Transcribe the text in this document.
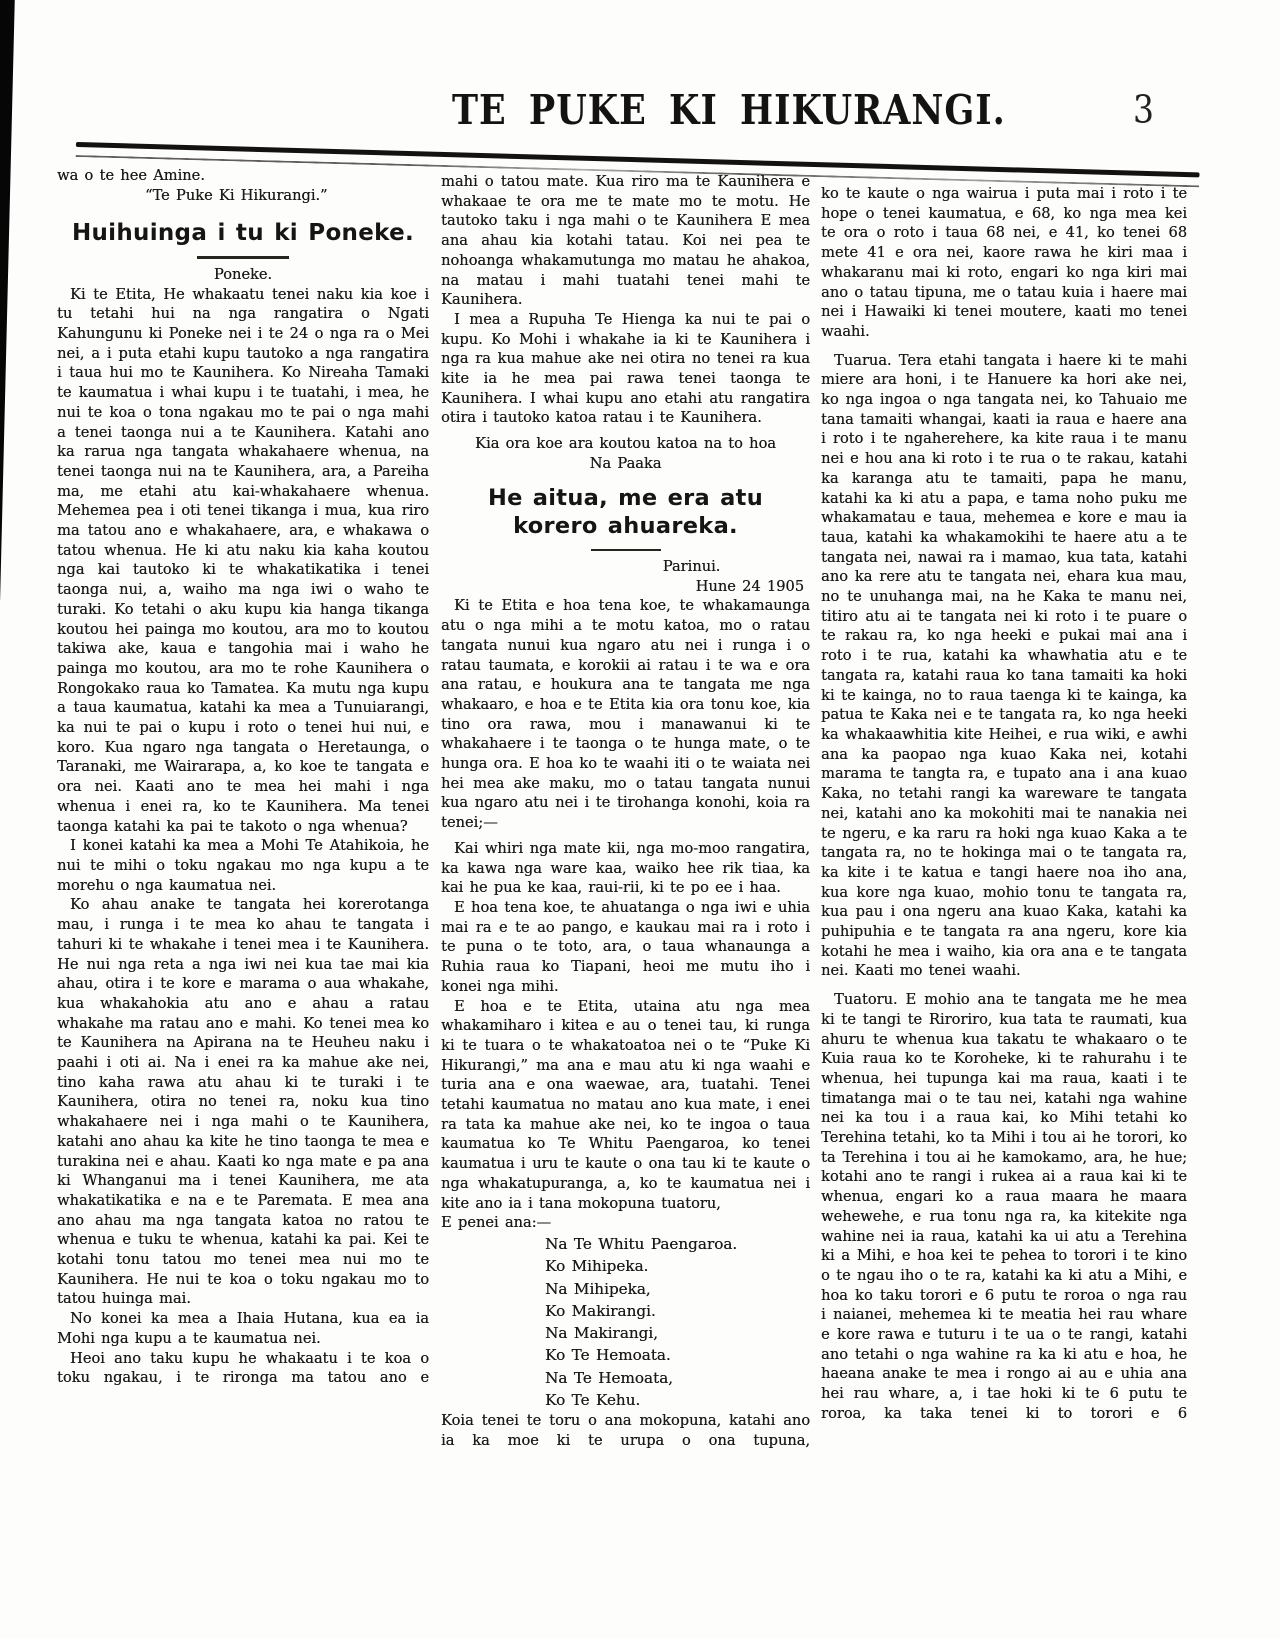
TE PUKE KI HIKURANGI.	3

wa o te hee Amine.

“Te Puke Ki Hikurangi.”

Huihuinga i tu ki Poneke.

Poneke.

Ki te Etita, He whakaatu tenei naku kia koe i tu tetahi hui na nga rangatira o Ngati Kahungunu ki Poneke nei i te 24 o nga ra o Mei nei, a i puta etahi kupu tautoko a nga rangatira i taua hui mo te Kaunihera. Ko Nireaha Tamaki te kaumatua i whai kupu i te tuatahi, i mea, he nui te koa o tona ngakau mo te pai o nga mahi a tenei taonga nui a te Kaunihera. Katahi ano ka rarua nga tangata whakahaere whenua, na tenei taonga nui na te Kaunihera, ara, a Pareiha ma, me etahi atu kai-whakahaere whenua. Mehemea pea i oti tenei tikanga i mua, kua riro ma tatou ano e whakahaere, ara, e whakawa o tatou whenua. He ki atu naku kia kaha koutou nga kai tautoko ki te whakatikatika i tenei taonga nui, a, waiho ma nga iwi o waho te turaki. Ko tetahi o aku kupu kia hanga tikanga koutou hei painga mo koutou, ara mo to koutou takiwa ake, kaua e tangohia mai i waho he painga mo koutou, ara mo te rohe Kaunihera o Rongokako raua ko Tamatea. Ka mutu nga kupu a taua kaumatua, katahi ka mea a Tunuiarangi, ka nui te pai o kupu i roto o tenei hui nui, e koro. Kua ngaro nga tangata o Heretaunga, o Taranaki, me Wairarapa, a, ko koe te tangata e ora nei. Kaati ano te mea hei mahi i nga whenua i enei ra, ko te Kaunihera. Ma tenei taonga katahi ka pai te takoto o nga whenua?

I konei katahi ka mea a Mohi Te Atahikoia, he nui te mihi o toku ngakau mo nga kupu a te morehu o nga kaumatua nei.

Ko ahau anake te tangata hei korerotanga mau, i runga i te mea ko ahau te tangata i tahuri ki te whakahe i tenei mea i te Kaunihera. He nui nga reta a nga iwi nei kua tae mai kia ahau, otira i te kore e marama o aua whakahe, kua whakahokia atu ano e ahau a ratau whakahe ma ratau ano e mahi. Ko tenei mea ko te Kaunihera na Apirana na te Heuheu naku i paahi i oti ai. Na i enei ra ka mahue ake nei, tino kaha rawa atu ahau ki te turaki i te Kaunihera, otira no tenei ra, noku kua tino whakahaere nei i nga mahi o te Kaunihera, katahi ano ahau ka kite he tino taonga te mea e turakina nei e ahau. Kaati ko nga mate e pa ana ki Whanganui ma i tenei Kaunihera, me ata whakatikatika e na e te Paremata. E mea ana ano ahau ma nga tangata katoa no ratou te whenua e tuku te whenua, katahi ka pai. Kei te kotahi tonu tatou mo tenei mea nui mo te Kaunihera. He nui te koa o toku ngakau mo to tatou huinga mai.

No konei ka mea a Ihaia Hutana, kua ea ia Mohi nga kupu a te kaumatua nei.

Heoi ano taku kupu he whakaatu i te koa o toku ngakau, i te rironga ma tatou ano e

mahi o tatou mate. Kua riro ma te Kaunihera e whakaae te ora me te mate mo te motu. He tautoko taku i nga mahi o te Kaunihera E mea ana ahau kia kotahi tatau. Koi nei pea te nohoanga whakamutunga mo matau he ahakoa, na matau i mahi tuatahi tenei mahi te Kaunihera.

I mea a Rupuha Te Hienga ka nui te pai o kupu. Ko Mohi i whakahe ia ki te Kaunihera i nga ra kua mahue ake nei otira no tenei ra kua kite ia he mea pai rawa tenei taonga te Kaunihera. I whai kupu ano etahi atu rangatira otira i tautoko katoa ratau i te Kaunihera.

Kia ora koe ara koutou katoa na to hoa

Na Paaka

He aitua, me era atu korero ahuareka.

Parinui.

Hune 24 1905

Ki te Etita e hoa tena koe, te whakamaunga atu o nga mihi a te motu katoa, mo o ratau tangata nunui kua ngaro atu nei i runga i o ratau taumata, e korokii ai ratau i te wa e ora ana ratau, e houkura ana te tangata me nga whakaaro, e hoa e te Etita kia ora tonu koe, kia tino ora rawa, mou i manawanui ki te whakahaere i te taonga o te hunga mate, o te hunga ora. E hoa ko te waahi iti o te waiata nei hei mea ake maku, mo o tatau tangata nunui kua ngaro atu nei i te tirohanga konohi, koia ra tenei;—

Kai whiri nga mate kii, nga mo-moo rangatira, ka kawa nga ware kaa, waiko hee rik tiaa, ka kai he pua ke kaa, raui-rii, ki te po ee i haa.

E hoa tena koe, te ahuatanga o nga iwi e uhia mai ra e te ao pango, e kaukau mai ra i roto i te puna o te toto, ara, o taua whanaunga a Ruhia raua ko Tiapani, heoi me mutu iho i konei nga mihi.

E hoa e te Etita, utaina atu nga mea whakamiharo i kitea e au o tenei tau, ki runga ki te tuara o te whakatoatoa nei o te “Puke Ki Hikurangi,” ma ana e mau atu ki nga waahi e turia ana e ona waewae, ara, tuatahi. Tenei tetahi kaumatua no matau ano kua mate, i enei ra tata ka mahue ake nei, ko te ingoa o taua kaumatua ko Te Whitu Paengaroa, ko tenei kaumatua i uru te kaute o ona tau ki te kaute o nga whakatupuranga, a, ko te kaumatua nei i kite ano ia i tana mokopuna tuatoru,

E penei ana:—

Na Te Whitu Paengaroa.

Ko Mihipeka.

Na Mihipeka,

Ko Makirangi.

Na Makirangi,

Ko Te Hemoata.

Na Te Hemoata,

Ko Te Kehu.

Koia tenei te toru o ana mokopuna, katahi ano ia ka moe ki te urupa o ona tupuna,

ko te kaute o nga wairua i puta mai i roto i te hope o tenei kaumatua, e 68, ko nga mea kei te ora o roto i taua 68 nei, e 41, ko tenei 68 mete 41 e ora nei, kaore rawa he kiri maa i whakaranu mai ki roto, engari ko nga kiri mai ano o tatau tipuna, me o tatau kuia i haere mai nei i Hawaiki ki tenei moutere, kaati mo tenei waahi.

Tuarua. Tera etahi tangata i haere ki te mahi miere ara honi, i te Hanuere ka hori ake nei, ko nga ingoa o nga tangata nei, ko Tahuaio me tana tamaiti whangai, kaati ia raua e haere ana i roto i te ngaherehere, ka kite raua i te manu nei e hou ana ki roto i te rua o te rakau, katahi ka karanga atu te tamaiti, papa he manu, katahi ka ki atu a papa, e tama noho puku me whakamatau e taua, mehemea e kore e mau ia taua, katahi ka whakamokihi te haere atu a te tangata nei, nawai ra i mamao, kua tata, katahi ano ka rere atu te tangata nei, ehara kua mau, no te unuhanga mai, na he Kaka te manu nei, titiro atu ai te tangata nei ki roto i te puare o te rakau ra, ko nga heeki e pukai mai ana i roto i te rua, katahi ka whawhatia atu e te tangata ra, katahi raua ko tana tamaiti ka hoki ki te kainga, no to raua taenga ki te kainga, ka patua te Kaka nei e te tangata ra, ko nga heeki ka whakaawhitia kite Heihei, e rua wiki, e awhi ana ka paopao nga kuao Kaka nei, kotahi marama te tangta ra, e tupato ana i ana kuao Kaka, no tetahi rangi ka wareware te tangata nei, katahi ano ka mokohiti mai te nanakia nei te ngeru, e ka raru ra hoki nga kuao Kaka a te tangata ra, no te hokinga mai o te tangata ra, ka kite i te katua e tangi haere noa iho ana, kua kore nga kuao, mohio tonu te tangata ra, kua pau i ona ngeru ana kuao Kaka, katahi ka puhipuhia e te tangata ra ana ngeru, kore kia kotahi he mea i waiho, kia ora ana e te tangata nei. Kaati mo tenei waahi.

Tuatoru. E mohio ana te tangata me he mea ki te tangi te Riroriro, kua tata te raumati, kua ahuru te whenua kua takatu te whakaaro o te Kuia raua ko te Koroheke, ki te rahurahu i te whenua, hei tupunga kai ma raua, kaati i te timatanga mai o te tau nei, katahi nga wahine nei ka tou i a raua kai, ko Mihi tetahi ko Terehina tetahi, ko ta Mihi i tou ai he torori, ko ta Terehina i tou ai he kamokamo, ara, he hue; kotahi ano te rangi i rukea ai a raua kai ki te whenua, engari ko a raua maara he maara wehewehe, e rua tonu nga ra, ka kitekite nga wahine nei ia raua, katahi ka ui atu a Terehina ki a Mihi, e hoa kei te pehea to torori i te kino o te ngau iho o te ra, katahi ka ki atu a Mihi, e hoa ko taku torori e 6 putu te roroa o nga rau i naianei, mehemea ki te meatia hei rau whare e kore rawa e tuturu i te ua o te rangi, katahi ano tetahi o nga wahine ra ka ki atu e hoa, he haeana anake te mea i rongo ai au e uhia ana hei rau whare, a, i tae hoki ki te 6 putu te roroa, ka taka tenei ki to torori e 6
